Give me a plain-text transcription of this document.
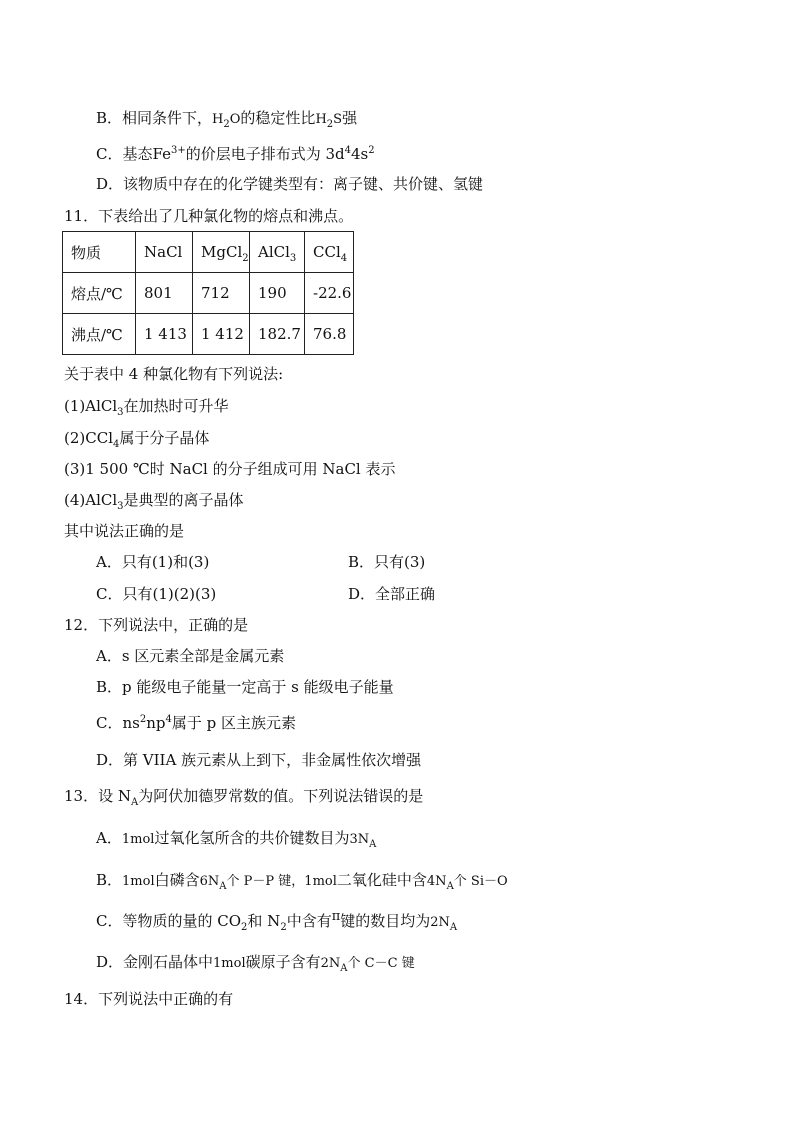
B．相同条件下，$H_2O$的稳定性比$H_2S$强
C．基态$Fe^{3+}$的价层电子排布式为 $3d^44s^2$
D．该物质中存在的化学键类型有：离子键、共价键、氢键
11．下表给出了几种氯化物的熔点和沸点。
物质	NaCl	MgCl$_2$	AlCl$_3$	CCl$_4$
熔点/℃	801	712	190	-22.6
沸点/℃	1 413	1 412	182.7	76.8
关于表中 4 种氯化物有下列说法:
(1)AlCl$_3$在加热时可升华
(2)CCl$_4$属于分子晶体
(3)1 500 ℃时 NaCl 的分子组成可用 NaCl 表示
(4)AlCl$_3$是典型的离子晶体
其中说法正确的是
A．只有(1)和(3)	B．只有(3)
C．只有(1)(2)(3)	D．全部正确
12．下列说法中，正确的是
A．s 区元素全部是金属元素
B．p 能级电子能量一定高于 s 能级电子能量
C．$ns^2np^4$属于 p 区主族元素
D．第 VIIA 族元素从上到下，非金属性依次增强
13．设 $N_A$为阿伏加德罗常数的值。下列说法错误的是
A．1mol过氧化氢所含的共价键数目为$3N_A$
B．1mol白磷含$6N_A$个 P－P 键，1mol二氧化硅中含$4N_A$个 Si－O
C．等物质的量的 $CO_2$和 $N_2$中含有$^\pi$键的数目均为$2N_A$
D．金刚石晶体中1mol碳原子含有$2N_A$个 C－C 键
14．下列说法中正确的有
